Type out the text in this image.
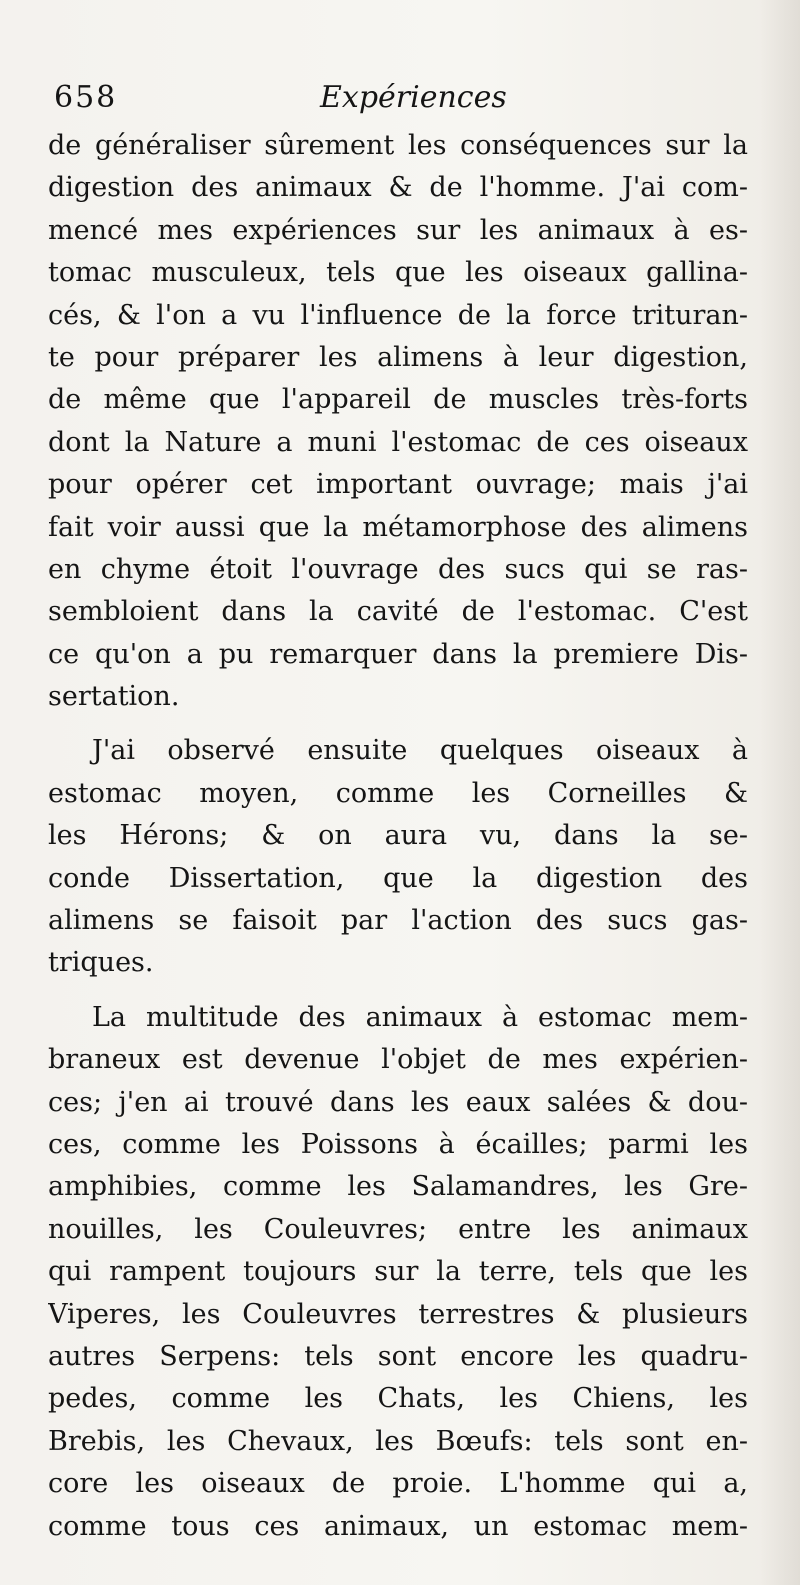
658	Expériences
de généraliser sûrement les conséquences sur la
digestion des animaux & de l'homme. J'ai com-
mencé mes expériences sur les animaux à es-
tomac musculeux, tels que les oiseaux gallina-
cés, & l'on a vu l'influence de la force trituran-
te pour préparer les alimens à leur digestion,
de même que l'appareil de muscles très-forts
dont la Nature a muni l'estomac de ces oiseaux
pour opérer cet important ouvrage; mais j'ai
fait voir aussi que la métamorphose des alimens
en chyme étoit l'ouvrage des sucs qui se ras-
sembloient dans la cavité de l'estomac. C'est
ce qu'on a pu remarquer dans la premiere Dis-
sertation.
J'ai observé ensuite quelques oiseaux à
estomac moyen, comme les Corneilles &
les Hérons; & on aura vu, dans la se-
conde Dissertation, que la digestion des
alimens se faisoit par l'action des sucs gas-
triques.
La multitude des animaux à estomac mem-
braneux est devenue l'objet de mes expérien-
ces; j'en ai trouvé dans les eaux salées & dou-
ces, comme les Poissons à écailles; parmi les
amphibies, comme les Salamandres, les Gre-
nouilles, les Couleuvres; entre les animaux
qui rampent toujours sur la terre, tels que les
Viperes, les Couleuvres terrestres & plusieurs
autres Serpens: tels sont encore les quadru-
pedes, comme les Chats, les Chiens, les
Brebis, les Chevaux, les Bœufs: tels sont en-
core les oiseaux de proie. L'homme qui a,
comme tous ces animaux, un estomac mem-
